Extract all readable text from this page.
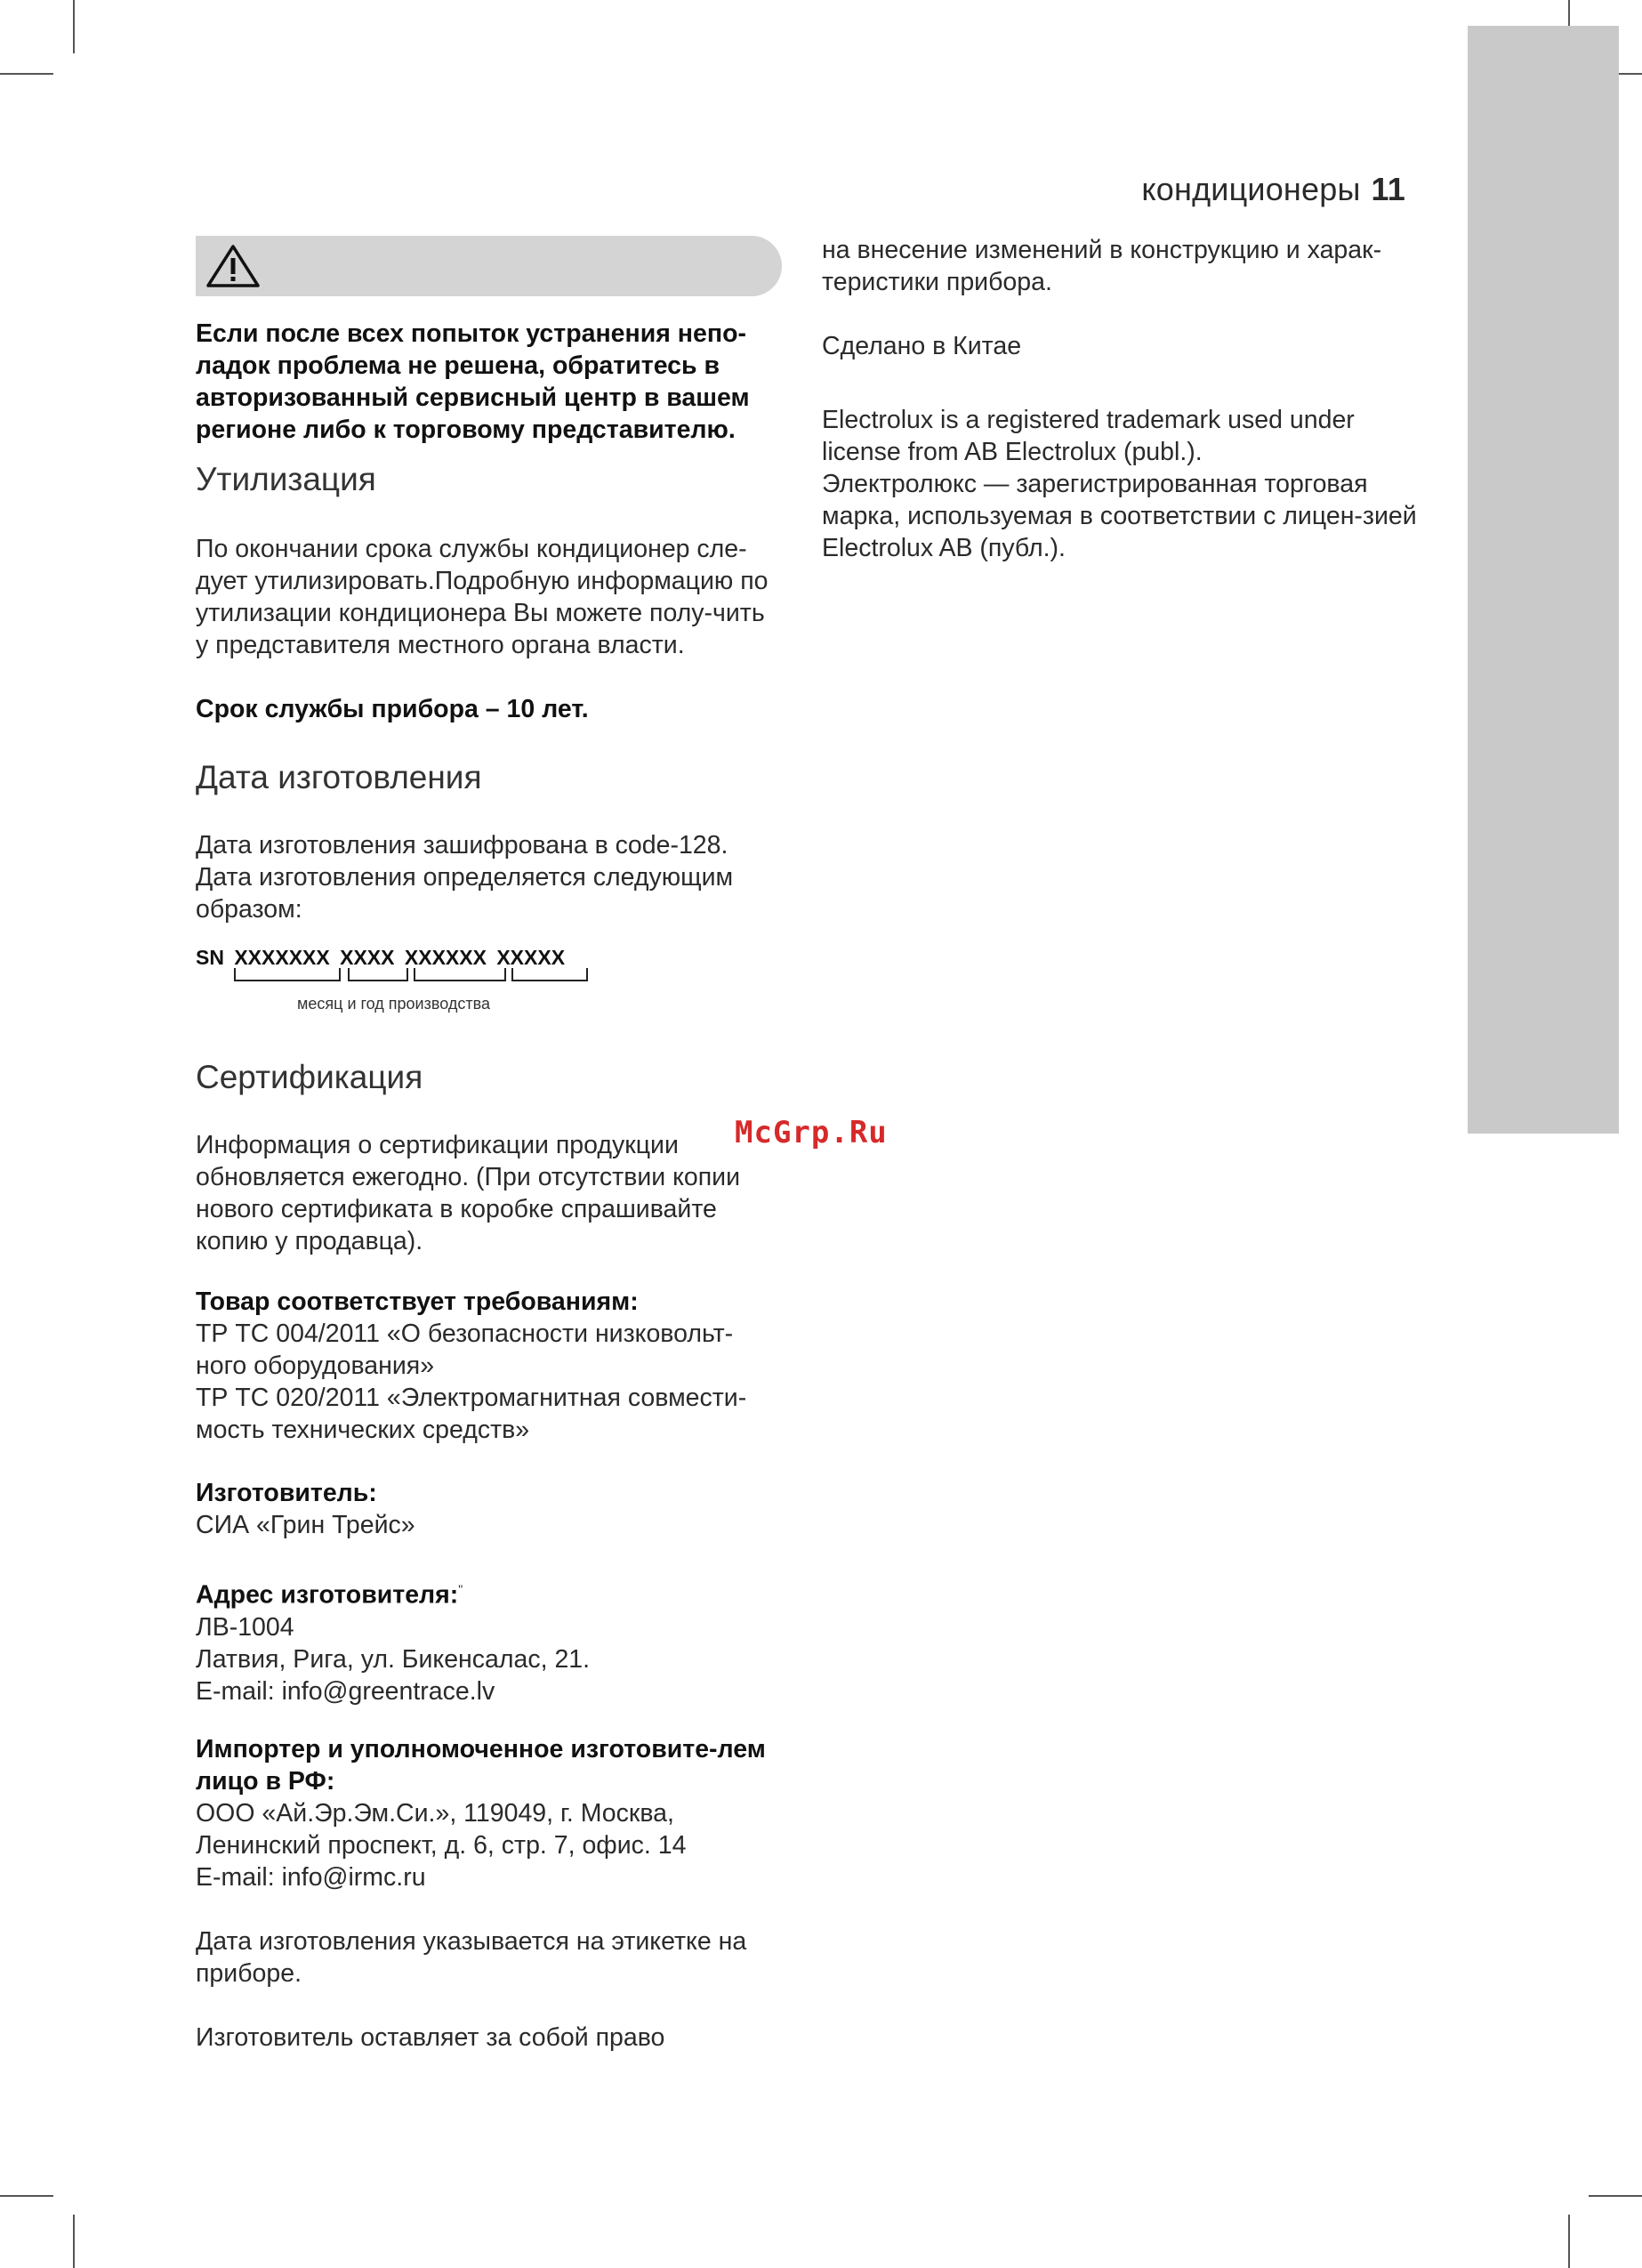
кондиционеры 11
Если после всех попыток устранения непо-ладок проблема не решена, обратитесь в авторизованный сервисный центр в вашем регионе либо к торговому представителю.
Утилизация
По окончании срока службы кондиционер сле-дует утилизировать.Подробную информацию по утилизации кондиционера Вы можете полу-чить у представителя местного органа власти.
Срок службы прибора – 10 лет.
Дата изготовления
Дата изготовления зашифрована в code-128. Дата изготовления определяется следующим образом:
SN XXXXXXX XXXX XXXXXX XXXXX
месяц и год производства
Сертификация
Информация о сертификации продукции обновляется ежегодно. (При отсутствии копии нового сертификата в коробке спрашивайте копию у продавца).

Товар соответствует требованиям:

ТР ТС 004/2011 «О безопасности низковольт-ного оборудования»

ТР ТС 020/2011 «Электромагнитная совмести-мость технических средств»

Изготовитель:

СИА «Грин Трейс»

Адрес изготовителя:"

ЛВ-1004

Латвия, Рига, ул. Бикенсалас, 21.

E-mail: info@greentrace.lv

Импортер и уполномоченное изготовите-лем лицо в РФ:

ООО «Ай.Эр.Эм.Си.», 119049, г. Москва,

Ленинский проспект, д. 6, стр. 7, офис. 14

E-mail: info@irmc.ru

Дата изготовления указывается на этикетке на приборе.
Изготовитель оставляет за собой право
на внесение изменений в конструкцию и харак-теристики прибора.
Сделано в Китае
Electrolux is a registered trademark used under license from AB Electrolux (publ.).
Электролюкс — зарегистрированная торговая марка, используемая в соответствии с лицен-зией Electrolux AB (публ.).
McGrp.Ru
